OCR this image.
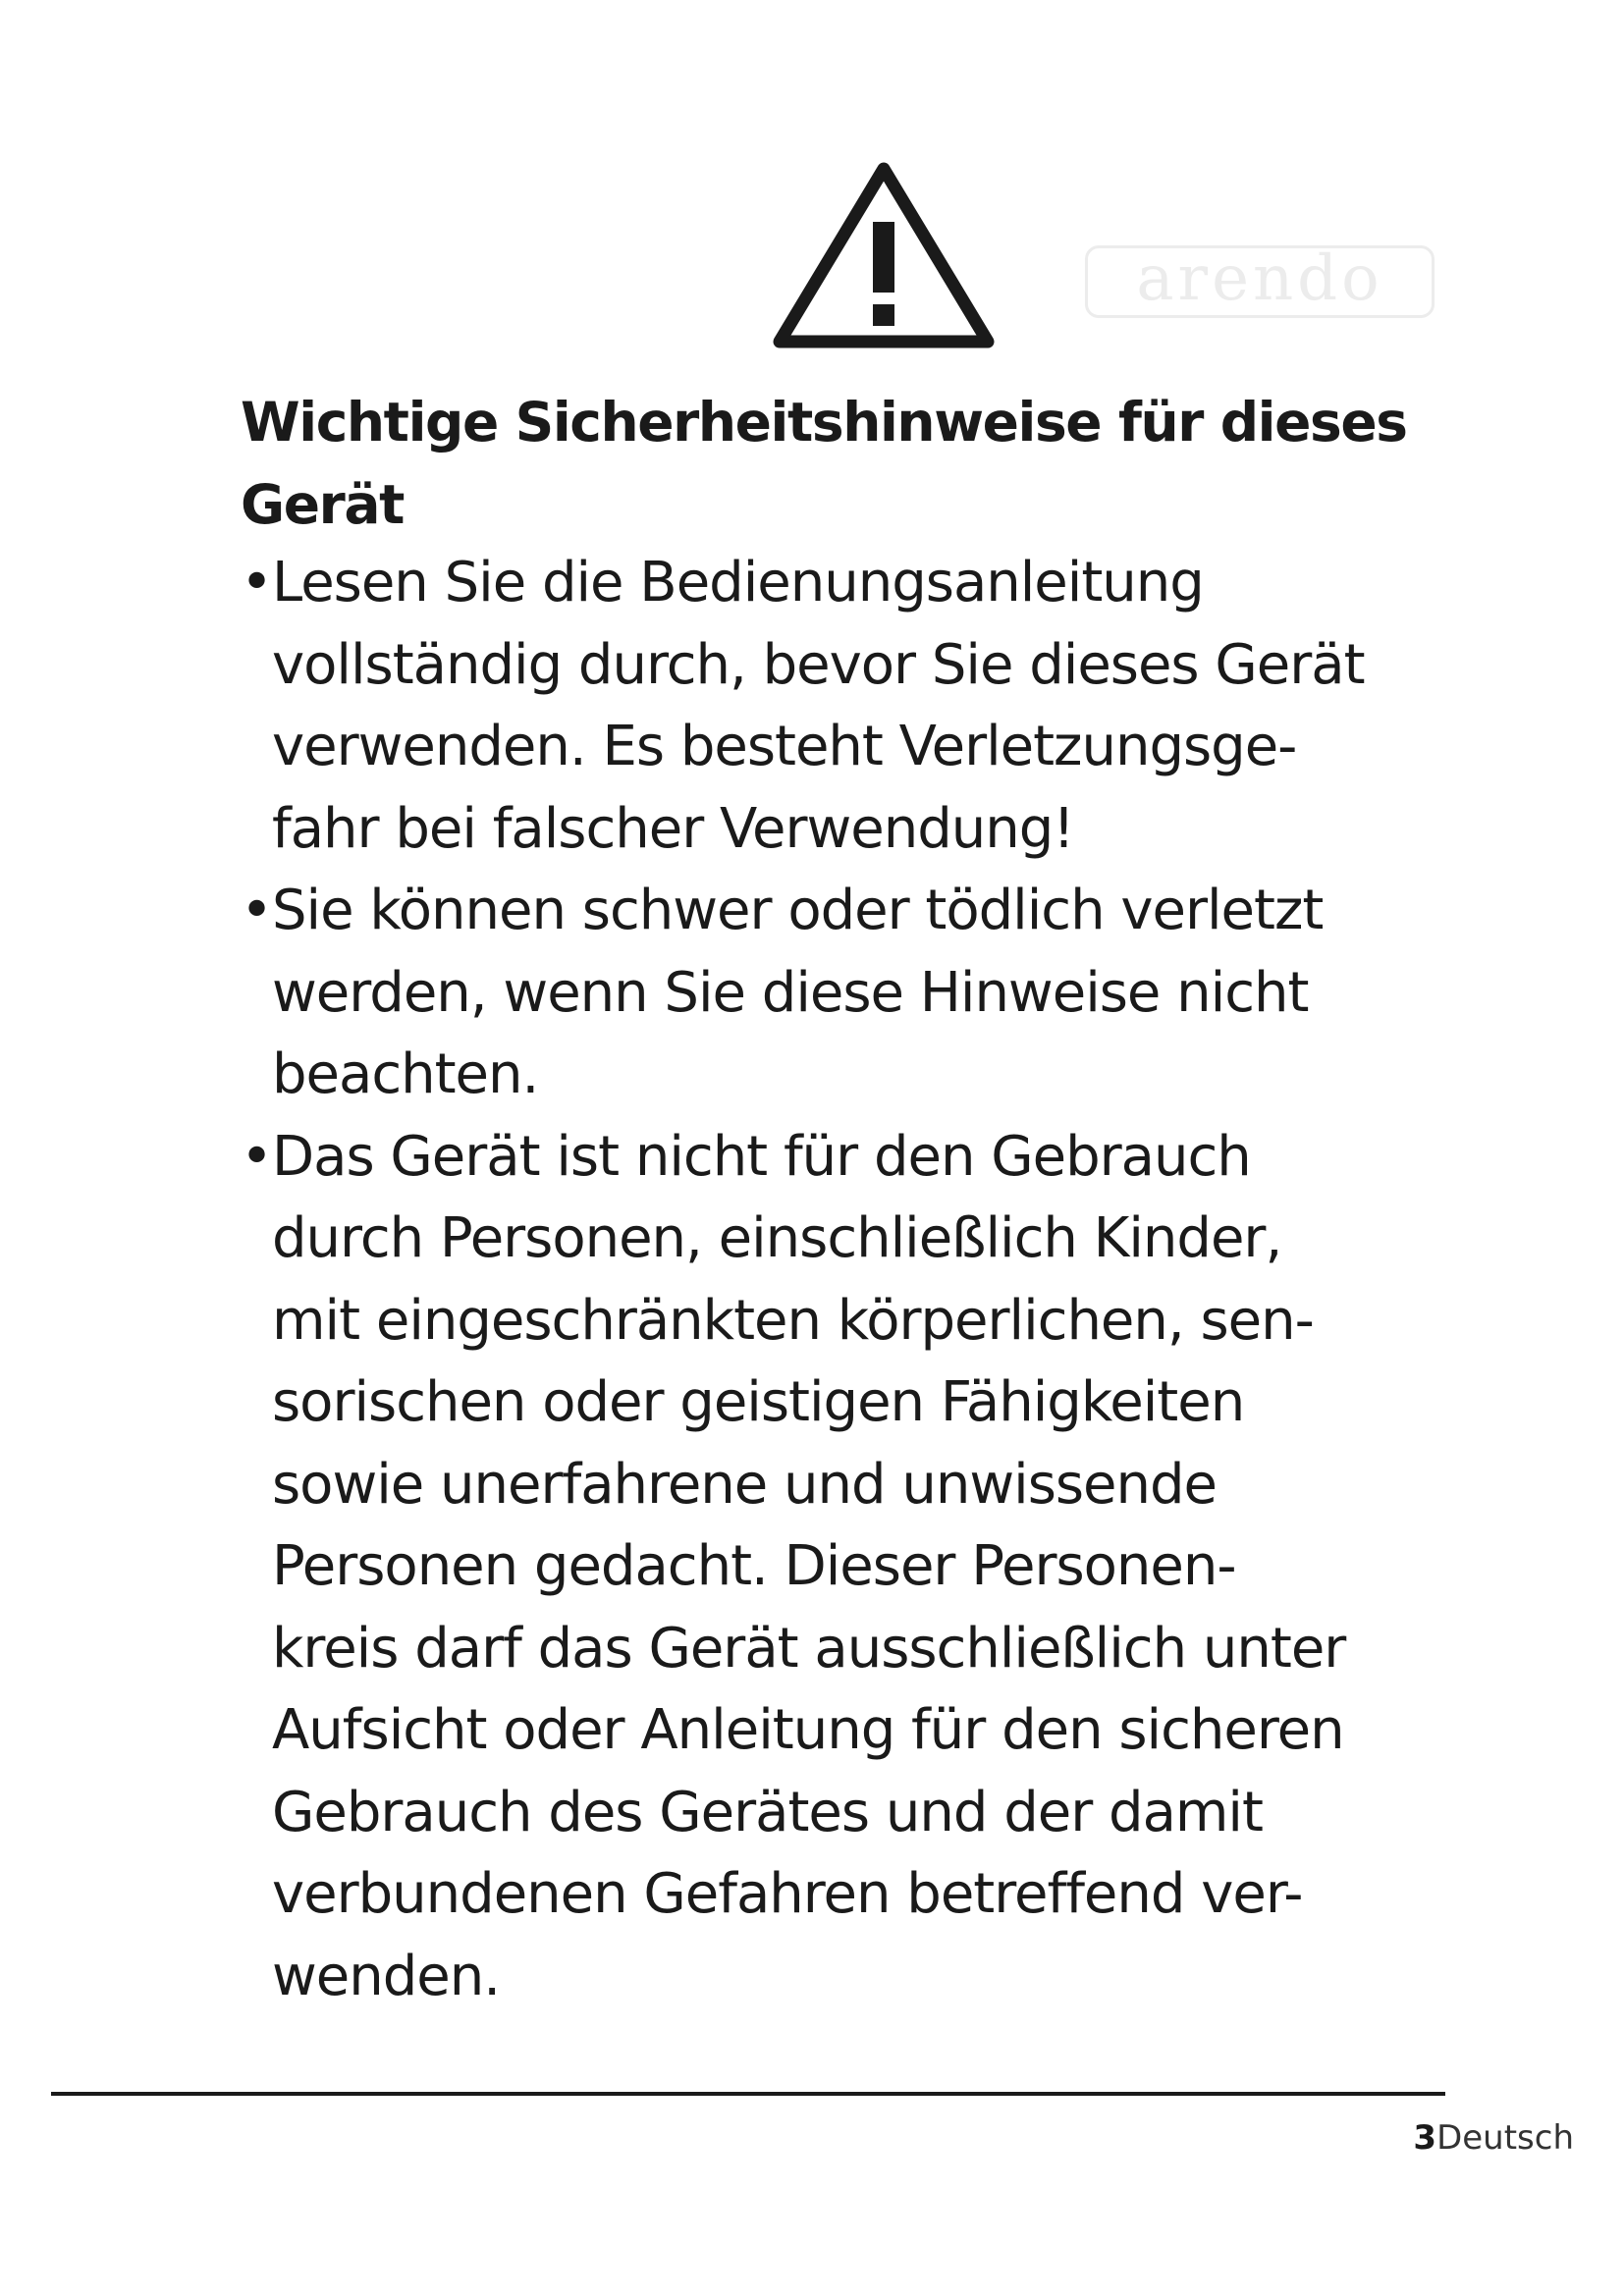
arendo
Wichtige Sicherheitshinweise für dieses
Gerät
• Lesen Sie die Bedienungsanleitung
vollständig durch, bevor Sie dieses Gerät
verwenden. Es besteht Verletzungsge-
fahr bei falscher Verwendung!
• Sie können schwer oder tödlich verletzt
werden, wenn Sie diese Hinweise nicht
beachten.
• Das Gerät ist nicht für den Gebrauch
durch Personen, einschließlich Kinder,
mit eingeschränkten körperlichen, sen-
sorischen oder geistigen Fähigkeiten
sowie unerfahrene und unwissende
Personen gedacht. Dieser Personen-
kreis darf das Gerät ausschließlich unter
Aufsicht oder Anleitung für den sicheren
Gebrauch des Gerätes und der damit
verbundenen Gefahren betreffend ver-
wenden.
3Deutsch
